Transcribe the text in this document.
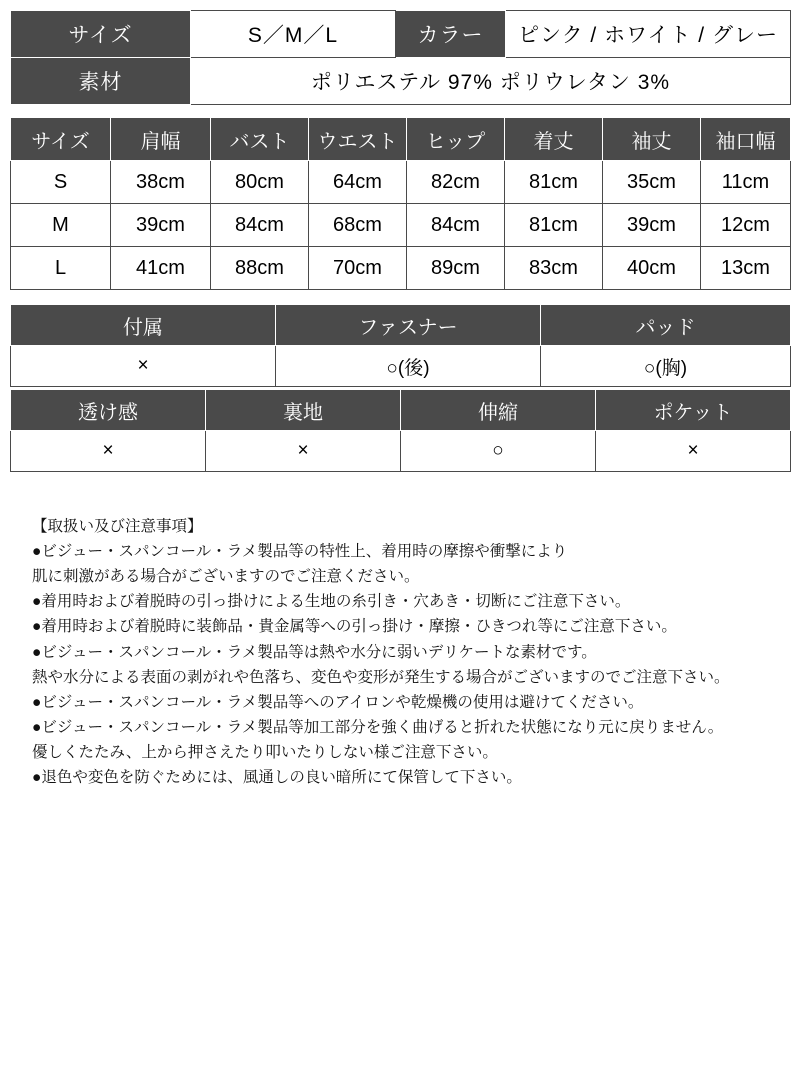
サイズ	S／M／L	カラー	ピンク / ホワイト / グレー
素材	ポリエステル 97% ポリウレタン 3%		
サイズ	肩幅	バスト	ウエスト	ヒップ	着丈	袖丈	袖口幅
S	38cm	80cm	64cm	82cm	81cm	35cm	11cm
M	39cm	84cm	68cm	84cm	81cm	39cm	12cm
L	41cm	88cm	70cm	89cm	83cm	40cm	13cm
付属	ファスナー	パッド
×	○(後)	○(胸)
透け感	裏地	伸縮	ポケット
×	×	○	×
【取扱い及び注意事項】
●ビジュー・スパンコール・ラメ製品等の特性上、着用時の摩擦や衝撃により
肌に刺激がある場合がございますのでご注意ください。
●着用時および着脱時の引っ掛けによる生地の糸引き・穴あき・切断にご注意下さい。
●着用時および着脱時に装飾品・貴金属等への引っ掛け・摩擦・ひきつれ等にご注意下さい。
●ビジュー・スパンコール・ラメ製品等は熱や水分に弱いデリケートな素材です。
熱や水分による表面の剥がれや色落ち、変色や変形が発生する場合がございますのでご注意下さい。
●ビジュー・スパンコール・ラメ製品等へのアイロンや乾燥機の使用は避けてください。
●ビジュー・スパンコール・ラメ製品等加工部分を強く曲げると折れた状態になり元に戻りません。
優しくたたみ、上から押さえたり叩いたりしない様ご注意下さい。
●退色や変色を防ぐためには、風通しの良い暗所にて保管して下さい。
